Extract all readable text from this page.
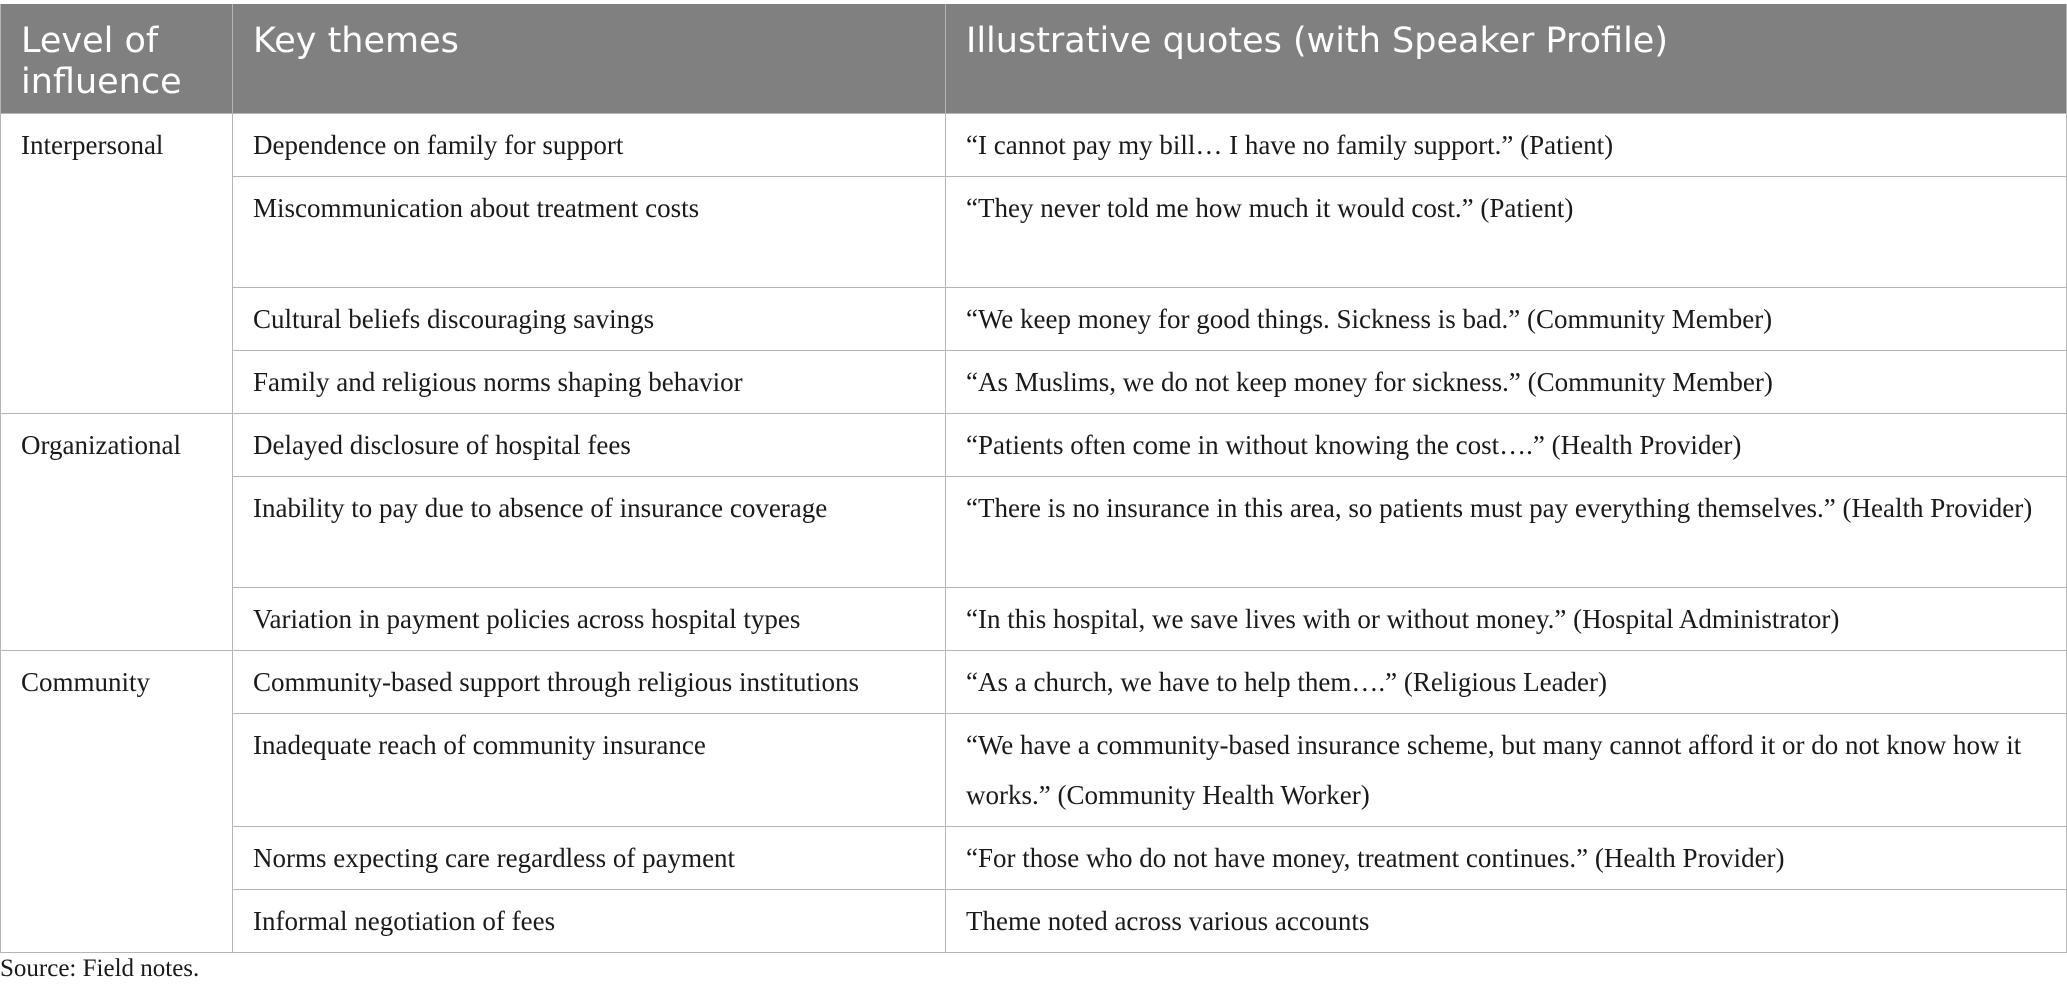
Level of influence	Key themes	Illustrative quotes (with Speaker Profile)
Interpersonal	Dependence on family for support	“I cannot pay my bill… I have no family support.” (Patient)
	Miscommunication about treatment costs	“They never told me how much it would cost.” (Patient)
	Cultural beliefs discouraging savings	“We keep money for good things. Sickness is bad.” (Community Member)
	Family and religious norms shaping behavior	“As Muslims, we do not keep money for sickness.” (Community Member)
Organizational	Delayed disclosure of hospital fees	“Patients often come in without knowing the cost….” (Health Provider)
	Inability to pay due to absence of insurance coverage	“There is no insurance in this area, so patients must pay everything themselves.” (Health Provider)
	Variation in payment policies across hospital types	“In this hospital, we save lives with or without money.” (Hospital Administrator)
Community	Community-based support through religious institutions	“As a church, we have to help them….” (Religious Leader)
	Inadequate reach of community insurance	“We have a community-based insurance scheme, but many cannot afford it or do not know how it works.” (Community Health Worker)
	Norms expecting care regardless of payment	“For those who do not have money, treatment continues.” (Health Provider)
	Informal negotiation of fees	Theme noted across various accounts
Source: Field notes.
